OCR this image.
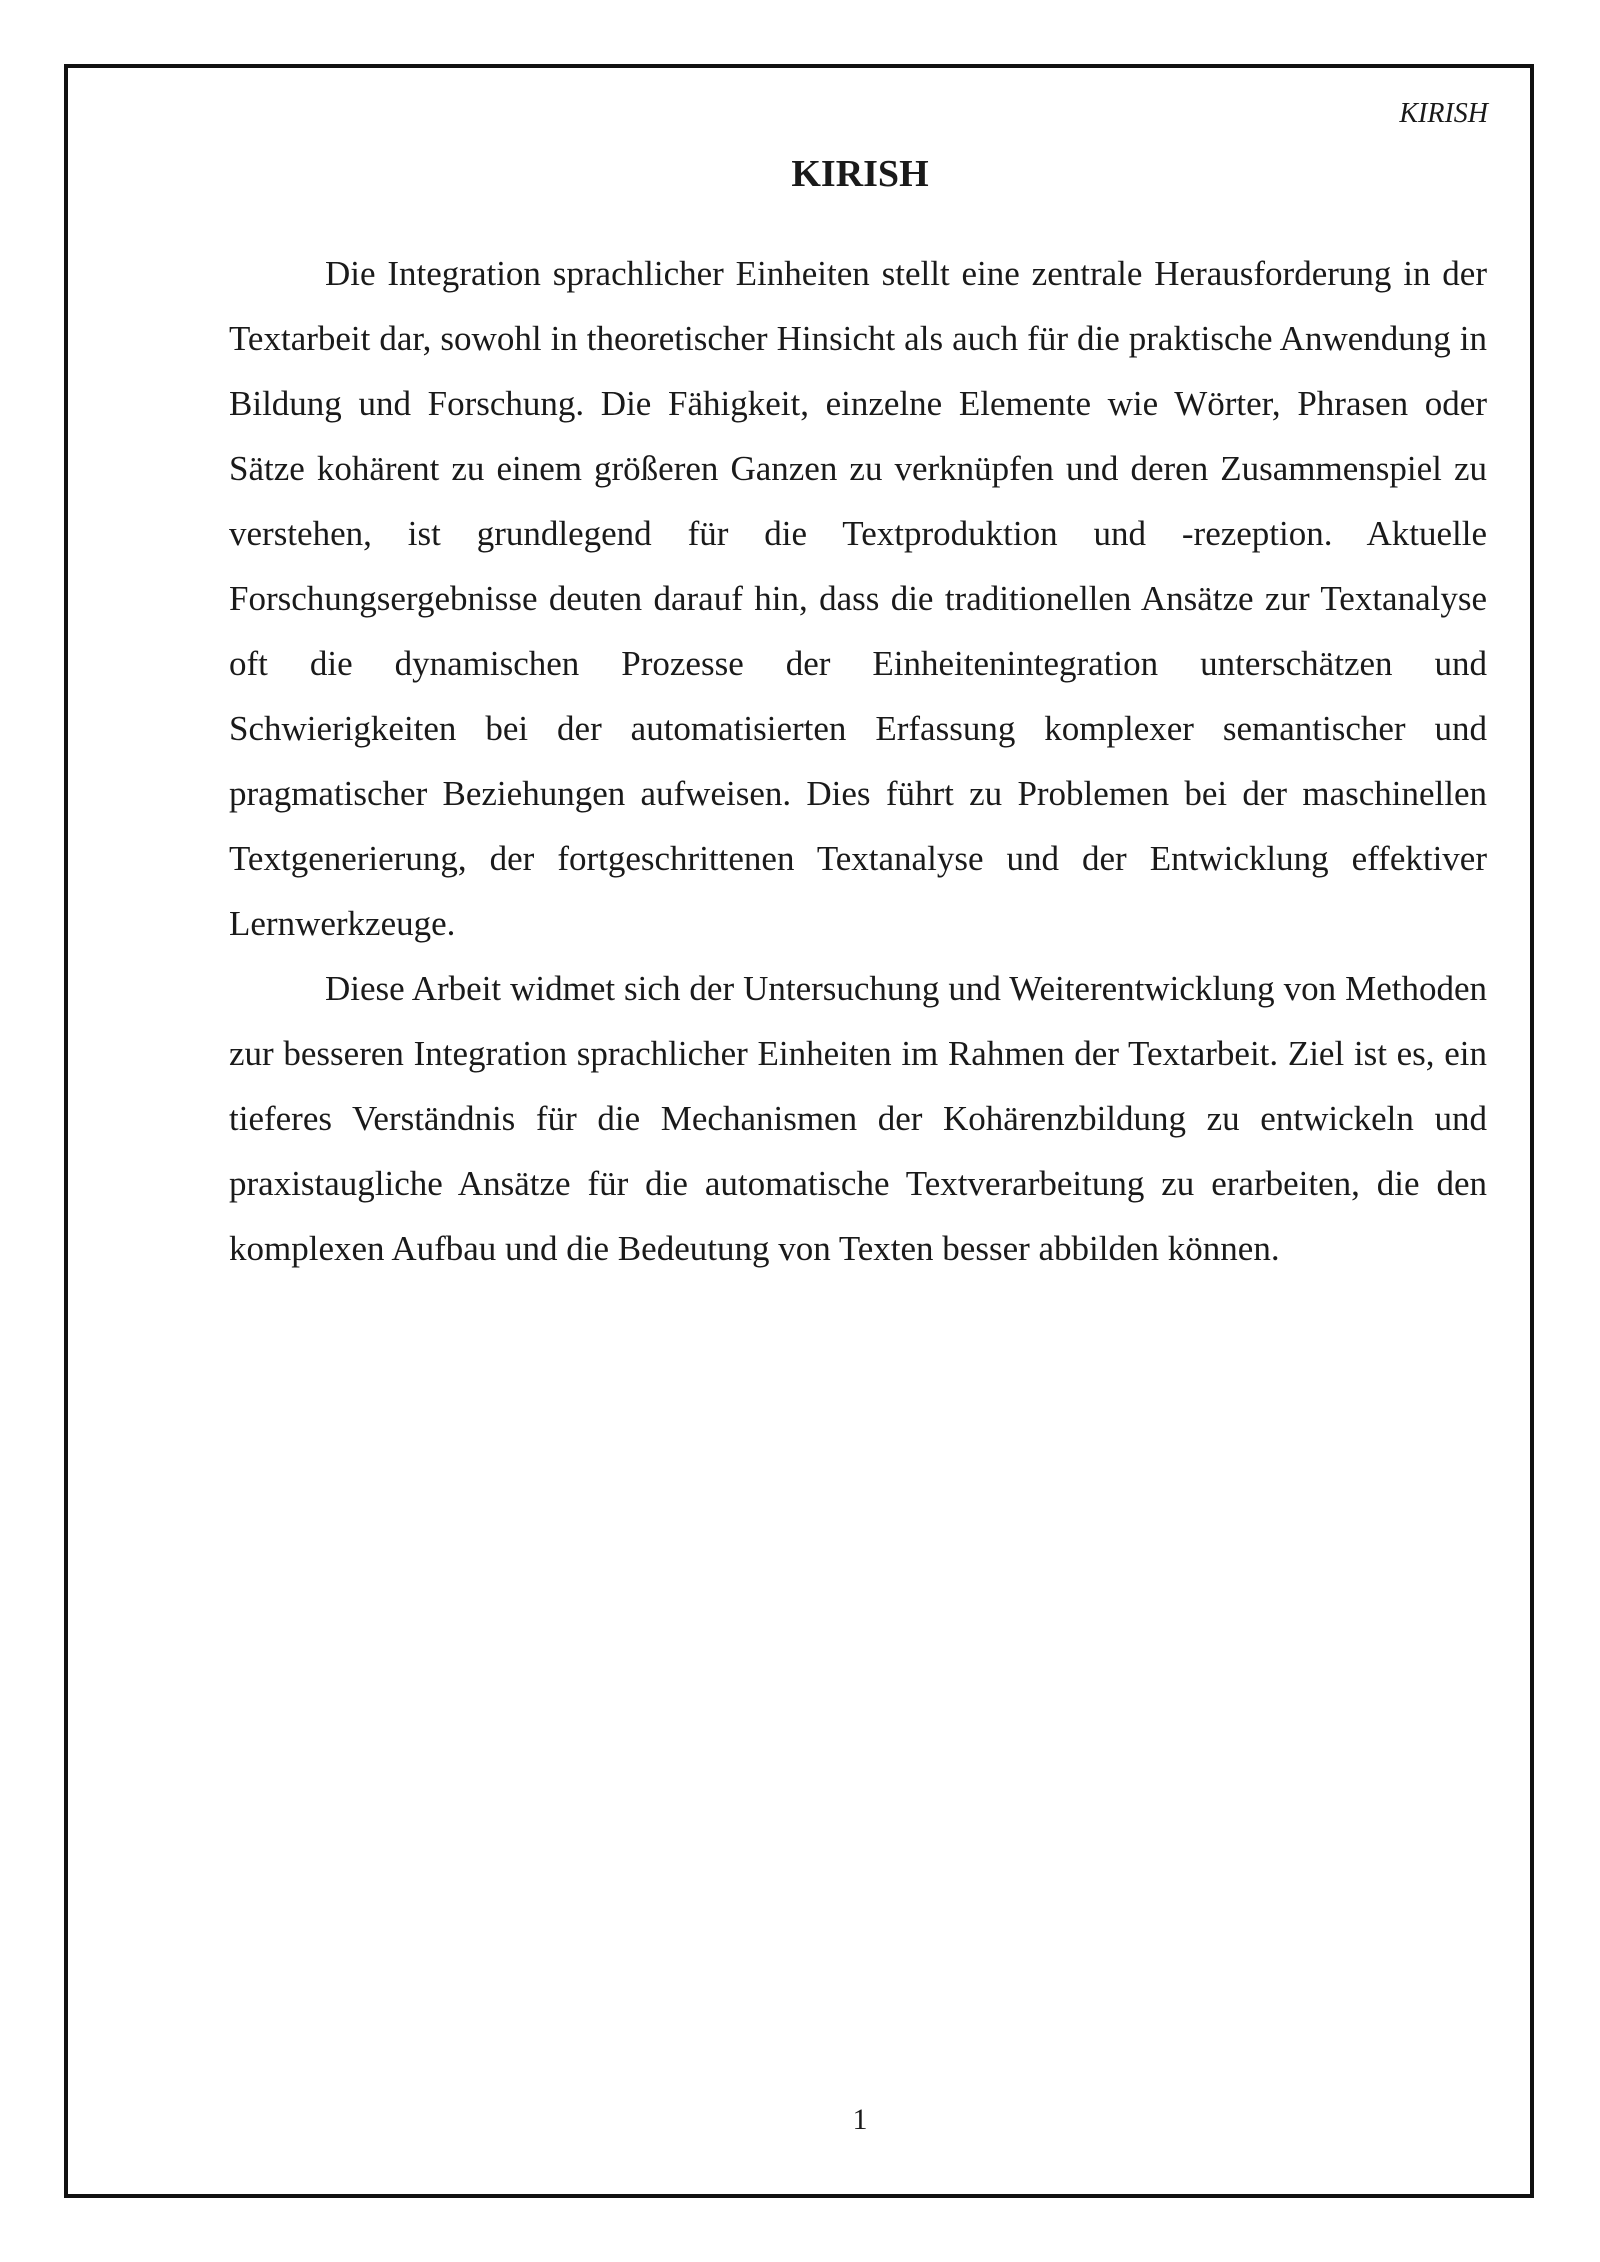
KIRISH
KIRISH

Die Integration sprachlicher Einheiten stellt eine zentrale Herausforderung in der Textarbeit dar, sowohl in theoretischer Hinsicht als auch für die praktische Anwendung in Bildung und Forschung. Die Fähigkeit, einzelne Elemente wie Wörter, Phrasen oder Sätze kohärent zu einem größeren Ganzen zu verknüpfen und deren Zusammenspiel zu verstehen, ist grundlegend für die Textproduktion und -rezeption. Aktuelle Forschungsergebnisse deuten darauf hin, dass die traditionellen Ansätze zur Textanalyse oft die dynamischen Prozesse der Einheitenintegration unterschätzen und Schwierigkeiten bei der automatisierten Erfassung komplexer semantischer und pragmatischer Beziehungen aufweisen. Dies führt zu Problemen bei der maschinellen Textgenerierung, der fortgeschrittenen Textanalyse und der Entwicklung effektiver Lernwerkzeuge.

Diese Arbeit widmet sich der Untersuchung und Weiterentwicklung von Methoden zur besseren Integration sprachlicher Einheiten im Rahmen der Textarbeit. Ziel ist es, ein tieferes Verständnis für die Mechanismen der Kohärenzbildung zu entwickeln und praxistaugliche Ansätze für die automatische Textverarbeitung zu erarbeiten, die den komplexen Aufbau und die Bedeutung von Texten besser abbilden können.

1
